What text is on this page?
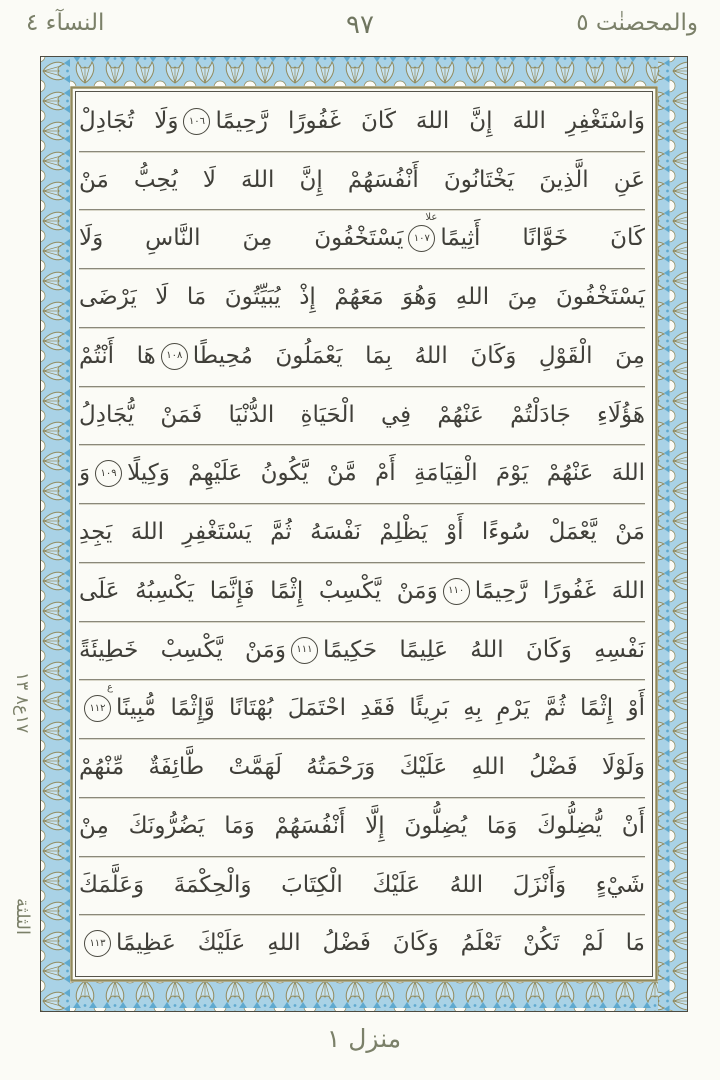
النسآء ٤	٩٧	والمحصنٰت ٥
وَاسْتَغْفِرِ اللهَ إِنَّ اللهَ كَانَ غَفُورًا رَّحِيمًا
١٠٦
وَلَا تُجَادِلْ
عَنِ الَّذِينَ يَخْتَانُونَ أَنْفُسَهُمْ إِنَّ اللهَ لَا يُحِبُّ مَنْ
كَانَ خَوَّانًا أَثِيمًا
١٠٧
علا
يَسْتَخْفُونَ مِنَ النَّاسِ وَلَا
يَسْتَخْفُونَ مِنَ اللهِ وَهُوَ مَعَهُمْ إِذْ يُبَيِّتُونَ مَا لَا يَرْضَى
مِنَ الْقَوْلِ وَكَانَ اللهُ بِمَا يَعْمَلُونَ مُحِيطًا
١٠٨
هَا أَنْتُمْ
هَؤُلَاءِ جَادَلْتُمْ عَنْهُمْ فِي الْحَيَاةِ الدُّنْيَا فَمَنْ يُّجَادِلُ
اللهَ عَنْهُمْ يَوْمَ الْقِيَامَةِ أَمْ مَّنْ يَّكُونُ عَلَيْهِمْ وَكِيلًا
١٠٩
وَ
مَنْ يَّعْمَلْ سُوءًا أَوْ يَظْلِمْ نَفْسَهُ ثُمَّ يَسْتَغْفِرِ اللهَ يَجِدِ
اللهَ غَفُورًا رَّحِيمًا
١١٠
وَمَنْ يَّكْسِبْ إِثْمًا فَإِنَّمَا يَكْسِبُهُ عَلَى
نَفْسِهِ وَكَانَ اللهُ عَلِيمًا حَكِيمًا
١١١
وَمَنْ يَّكْسِبْ خَطِيئَةً
أَوْ إِثْمًا ثُمَّ يَرْمِ بِهِ بَرِيئًا فَقَدِ احْتَمَلَ بُهْتَانًا وَّإِثْمًا مُّبِينًا
١١٢
ع
وَلَوْلَا فَضْلُ اللهِ عَلَيْكَ وَرَحْمَتُهُ لَهَمَّتْ طَّائِفَةٌ مِّنْهُمْ
أَنْ يُّضِلُّوكَ وَمَا يُضِلُّونَ إِلَّا أَنْفُسَهُمْ وَمَا يَضُرُّونَكَ مِنْ
شَيْءٍ وَأَنْزَلَ اللهُ عَلَيْكَ الْكِتَابَ وَالْحِكْمَةَ وَعَلَّمَكَ
مَا لَمْ تَكُنْ تَعْلَمُ وَكَانَ فَضْلُ اللهِ عَلَيْكَ عَظِيمًا
١١٣
١٧ع٨ ١٣
الثلثة
منزل ١
